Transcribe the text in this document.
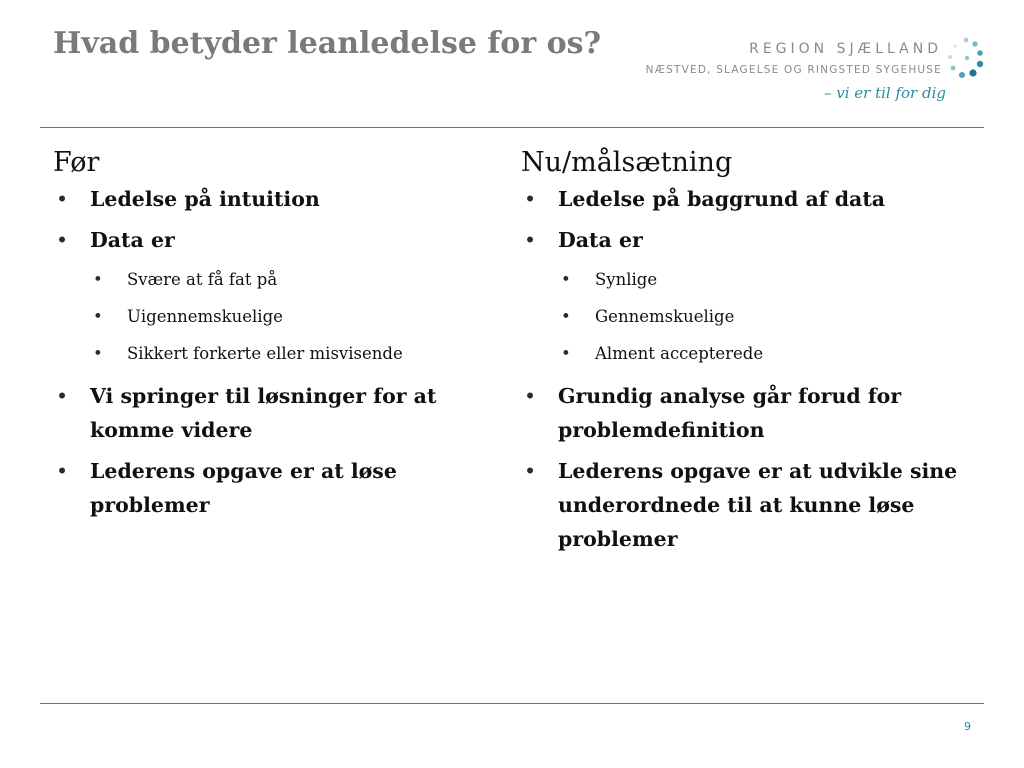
Hvad betyder leanledelse for os?	REGION SJÆLLAND
NÆSTVED, SLAGELSE OG RINGSTED SYGEHUSE
– vi er til for dig
Før
• Ledelse på intuition
• Data er
• Svære at få fat på
• Uigennemskuelige
• Sikkert forkerte eller misvisende
• Vi springer til løsninger for at komme videre
• Lederens opgave er at løse problemer
Nu/målsætning
• Ledelse på baggrund af data
• Data er
• Synlige
• Gennemskuelige
• Alment accepterede
• Grundig analyse går forud for problemdefinition
• Lederens opgave er at udvikle sine underordnede til at kunne løse problemer
9
